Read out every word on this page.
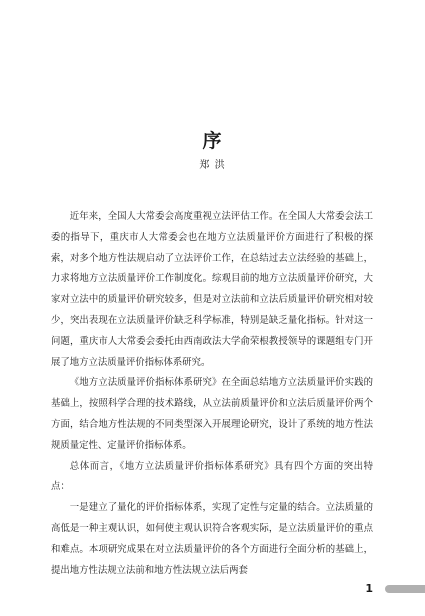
序
郑 洪

近年来，全国人大常委会高度重视立法评估工作。在全国人大常委会法工委的指导下，重庆市人大常委会也在地方立法质量评价方面进行了积极的探索，对多个地方性法规启动了立法评价工作，在总结过去立法经验的基础上，力求将地方立法质量评价工作制度化。综观目前的地方立法质量评价研究，大家对立法中的质量评价研究较多，但是对立法前和立法后质量评价研究相对较少，突出表现在立法质量评价缺乏科学标准，特别是缺乏量化指标。针对这一问题，重庆市人大常委会委托由西南政法大学俞荣根教授领导的课题组专门开展了地方立法质量评价指标体系研究。

《地方立法质量评价指标体系研究》在全面总结地方立法质量评价实践的基础上，按照科学合理的技术路线，从立法前质量评价和立法后质量评价两个方面，结合地方性法规的不同类型深入开展理论研究，设计了系统的地方性法规质量定性、定量评价指标体系。

总体而言，《地方立法质量评价指标体系研究》具有四个方面的突出特点：

一是建立了量化的评价指标体系，实现了定性与定量的结合。立法质量的高低是一种主观认识，如何使主观认识符合客观实际，是立法质量评价的重点和难点。本项研究成果在对立法质量评价的各个方面进行全面分析的基础上，提出地方性法规立法前和地方性法规立法后两套

1
